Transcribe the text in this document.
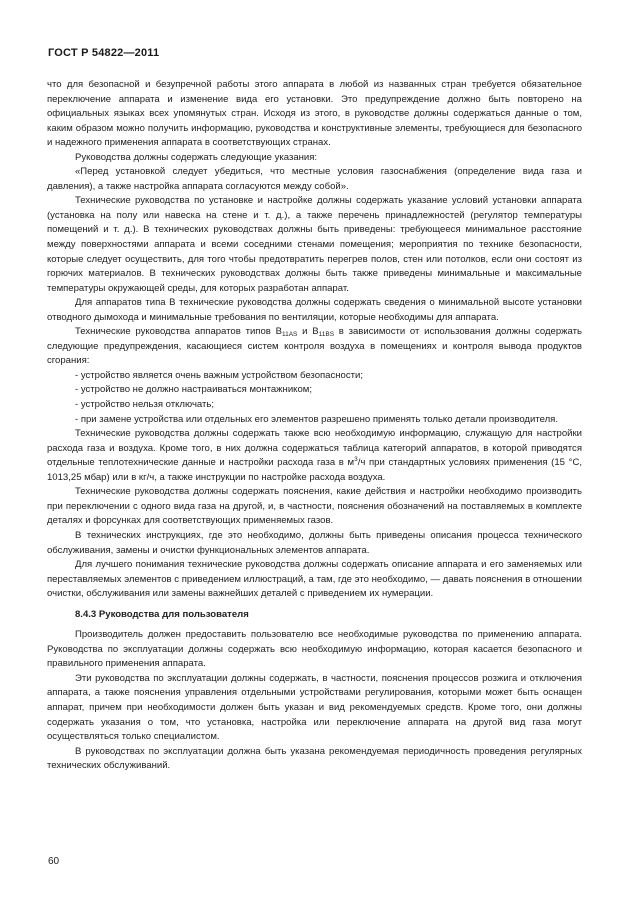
ГОСТ Р 54822—2011

что для безопасной и безупречной работы этого аппарата в любой из названных стран требуется обязательное переключение аппарата и изменение вида его установки. Это предупреждение должно быть повторено на официальных языках всех упомянутых стран. Исходя из этого, в руководстве должны содержаться данные о том, каким образом можно получить информацию, руководства и конструктивные элементы, требующиеся для безопасного и надежного применения аппарата в соответствующих странах.

Руководства должны содержать следующие указания:

«Перед установкой следует убедиться, что местные условия газоснабжения (определение вида газа и давления), а также настройка аппарата согласуются между собой».

Технические руководства по установке и настройке должны содержать указание условий установки аппарата (установка на полу или навеска на стене и т. д.), а также перечень принадлежностей (регулятор температуры помещений и т. д.). В технических руководствах должны быть приведены: требующееся минимальное расстояние между поверхностями аппарата и всеми соседними стенами помещения; мероприятия по технике безопасности, которые следует осуществить, для того чтобы предотвратить перегрев полов, стен или потолков, если они состоят из горючих материалов. В технических руководствах должны быть также приведены минимальные и максимальные температуры окружающей среды, для которых разработан аппарат.

Для аппаратов типа В технические руководства должны содержать сведения о минимальной высоте установки отводного дымохода и минимальные требования по вентиляции, которые необходимы для аппарата.

Технические руководства аппаратов типов $В_{11AS}$ и $В_{11BS}$ в зависимости от использования должны содержать следующие предупреждения, касающиеся систем контроля воздуха в помещениях и контроля вывода продуктов сгорания:

- устройство является очень важным устройством безопасности;

- устройство не должно настраиваться монтажником;

- устройство нельзя отключать;

- при замене устройства или отдельных его элементов разрешено применять только детали производителя.

Технические руководства должны содержать также всю необходимую информацию, служащую для настройки расхода газа и воздуха. Кроме того, в них должна содержаться таблица категорий аппаратов, в которой приводятся отдельные теплотехнические данные и настройки расхода газа в $м^3/ч$ при стандартных условиях применения (15 °С, 1013,25 мбар) или в кг/ч, а также инструкции по настройке расхода воздуха.

Технические руководства должны содержать пояснения, какие действия и настройки необходимо производить при переключении с одного вида газа на другой, и, в частности, пояснения обозначений на поставляемых в комплекте деталях и форсунках для соответствующих применяемых газов.

В технических инструкциях, где это необходимо, должны быть приведены описания процесса технического обслуживания, замены и очистки функциональных элементов аппарата.

Для лучшего понимания технические руководства должны содержать описание аппарата и его заменяемых или переставляемых элементов с приведением иллюстраций, а там, где это необходимо, — давать пояснения в отношении очистки, обслуживания или замены важнейших деталей с приведением их нумерации.

8.4.3 Руководства для пользователя

Производитель должен предоставить пользователю все необходимые руководства по применению аппарата. Руководства по эксплуатации должны содержать всю необходимую информацию, которая касается безопасного и правильного применения аппарата.

Эти руководства по эксплуатации должны содержать, в частности, пояснения процессов розжига и отключения аппарата, а также пояснения управления отдельными устройствами регулирования, которыми может быть оснащен аппарат, причем при необходимости должен быть указан и вид рекомендуемых средств. Кроме того, они должны содержать указания о том, что установка, настройка или переключение аппарата на другой вид газа могут осуществляться только специалистом.

В руководствах по эксплуатации должна быть указана рекомендуемая периодичность проведения регулярных технических обслуживаний.

60
